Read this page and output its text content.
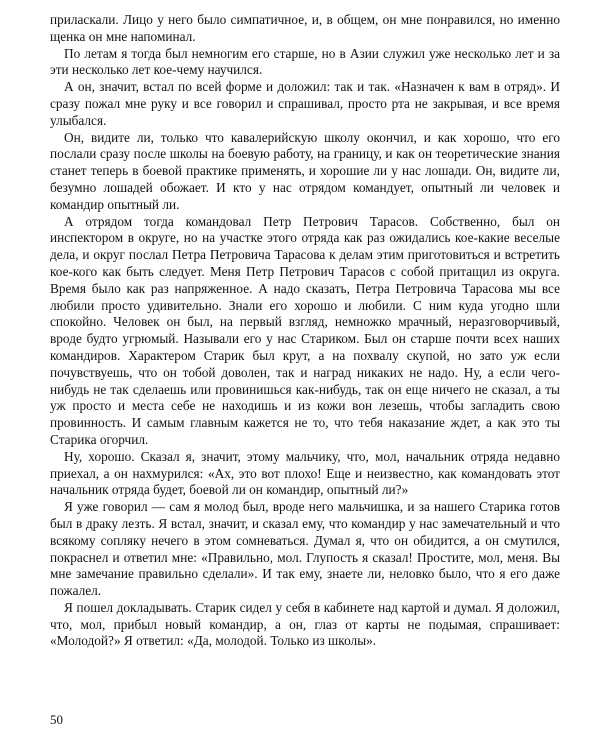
приласкали. Лицо у него было симпатичное, и, в общем, он мне понравился, но именно щенка он мне напоминал.

По летам я тогда был немногим его старше, но в Азии служил уже несколько лет и за эти несколько лет кое-чему научился.

А он, значит, встал по всей форме и доложил: так и так. «Назначен к вам в отряд». И сразу пожал мне руку и все говорил и спрашивал, просто рта не закрывая, и все время улыбался.

Он, видите ли, только что кавалерийскую школу окончил, и как хорошо, что его послали сразу после школы на боевую работу, на границу, и как он теоретические знания станет теперь в боевой практике применять, и хорошие ли у нас лошади. Он, видите ли, безумно лошадей обожает. И кто у нас отрядом командует, опытный ли человек и командир опытный ли.

А отрядом тогда командовал Петр Петрович Тарасов. Собственно, был он инспектором в округе, но на участке этого отряда как раз ожидались кое-какие веселые дела, и округ послал Петра Петровича Тарасова к делам этим приготовиться и встретить кое-кого как быть следует. Меня Петр Петрович Тарасов с собой притащил из округа. Время было как раз напряженное. А надо сказать, Петра Петровича Тарасова мы все любили просто удивительно. Знали его хорошо и любили. С ним куда угодно шли спокойно. Человек он был, на первый взгляд, немножко мрачный, неразговорчивый, вроде будто угрюмый. Называли его у нас Стариком. Был он старше почти всех наших командиров. Характером Старик был крут, а на похвалу скупой, но зато уж если почувствуешь, что он тобой доволен, так и наград никаких не надо. Ну, а если чего-нибудь не так сделаешь или провинишься как-нибудь, так он еще ничего не сказал, а ты уж просто и места себе не находишь и из кожи вон лезешь, чтобы загладить свою провинность. И самым главным кажется не то, что тебя наказание ждет, а как это ты Старика огорчил.

Ну, хорошо. Сказал я, значит, этому мальчику, что, мол, начальник отряда недавно приехал, а он нахмурился: «Ах, это вот плохо! Еще и неизвестно, как командовать этот начальник отряда будет, боевой ли он командир, опытный ли?»

Я уже говорил — сам я молод был, вроде него мальчишка, и за нашего Старика готов был в драку лезть. Я встал, значит, и сказал ему, что командир у нас замечательный и что всякому сопляку нечего в этом сомневаться. Думал я, что он обидится, а он смутился, покраснел и ответил мне: «Правильно, мол. Глупость я сказал! Простите, мол, меня. Вы мне замечание правильно сделали». И так ему, знаете ли, неловко было, что я его даже пожалел.

Я пошел докладывать. Старик сидел у себя в кабинете над картой и думал. Я доложил, что, мол, прибыл новый командир, а он, глаз от карты не подымая, спрашивает: «Молодой?» Я ответил: «Да, молодой. Только из школы».

50
